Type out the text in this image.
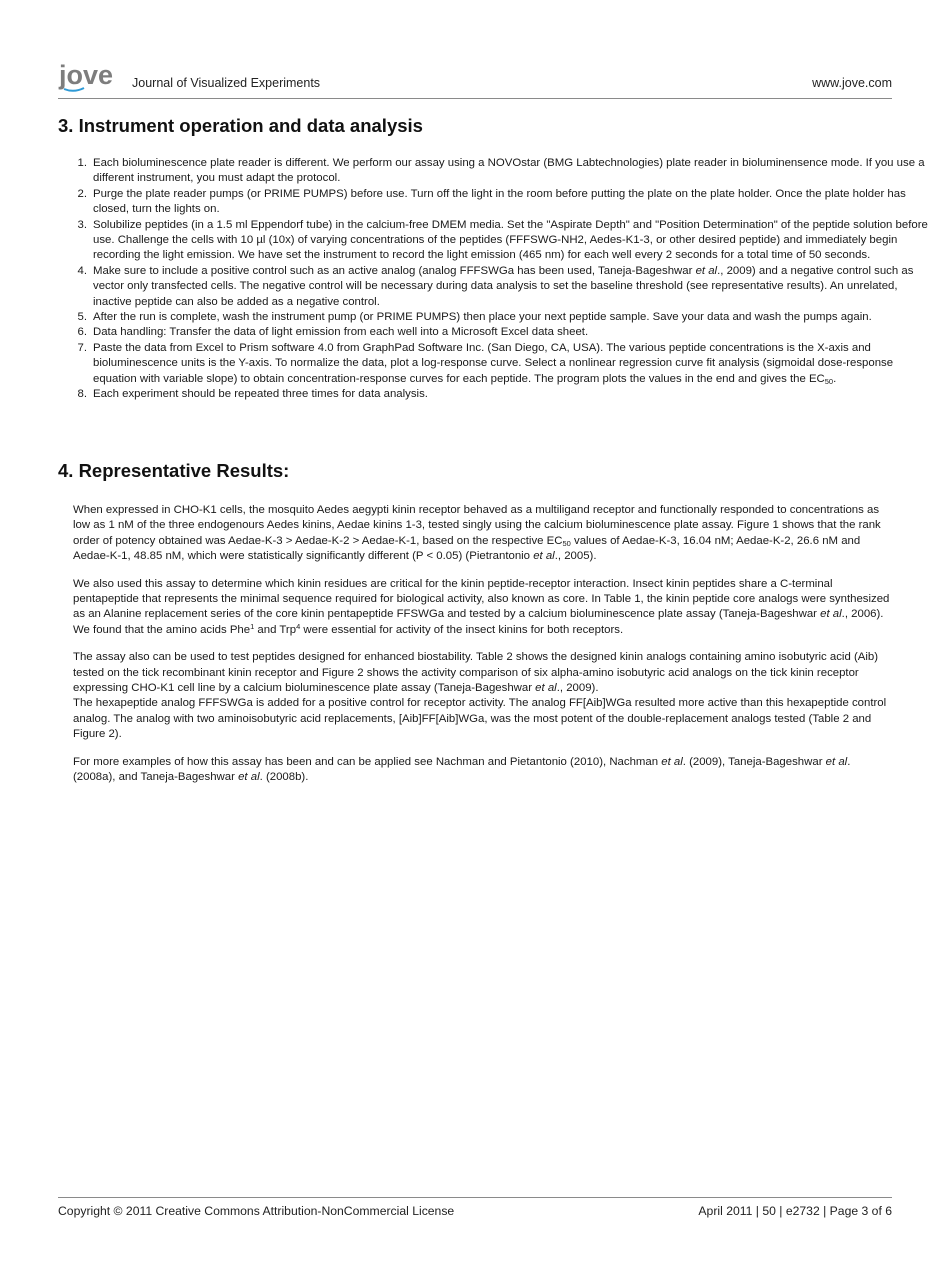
jove Journal of Visualized Experiments	www.jove.com
3. Instrument operation and data analysis
Each bioluminescence plate reader is different. We perform our assay using a NOVOstar (BMG Labtechnologies) plate reader in bioluminensence mode. If you use a different instrument, you must adapt the protocol.
Purge the plate reader pumps (or PRIME PUMPS) before use. Turn off the light in the room before putting the plate on the plate holder. Once the plate holder has closed, turn the lights on.
Solubilize peptides (in a 1.5 ml Eppendorf tube) in the calcium-free DMEM media. Set the "Aspirate Depth" and "Position Determination" of the peptide solution before use. Challenge the cells with 10 µl (10x) of varying concentrations of the peptides (FFFSWG-NH2, Aedes-K1-3, or other desired peptide) and immediately begin recording the light emission. We have set the instrument to record the light emission (465 nm) for each well every 2 seconds for a total time of 50 seconds.
Make sure to include a positive control such as an active analog (analog FFFSWGa has been used, Taneja-Bageshwar et al., 2009) and a negative control such as vector only transfected cells. The negative control will be necessary during data analysis to set the baseline threshold (see representative results). An unrelated, inactive peptide can also be added as a negative control.
After the run is complete, wash the instrument pump (or PRIME PUMPS) then place your next peptide sample. Save your data and wash the pumps again.
Data handling: Transfer the data of light emission from each well into a Microsoft Excel data sheet.
Paste the data from Excel to Prism software 4.0 from GraphPad Software Inc. (San Diego, CA, USA). The various peptide concentrations is the X-axis and bioluminescence units is the Y-axis. To normalize the data, plot a log-response curve. Select a nonlinear regression curve fit analysis (sigmoidal dose-response equation with variable slope) to obtain concentration-response curves for each peptide. The program plots the values in the end and gives the $EC_{50}$.
Each experiment should be repeated three times for data analysis.
4. Representative Results:

When expressed in CHO-K1 cells, the mosquito Aedes aegypti kinin receptor behaved as a multiligand receptor and functionally responded to concentrations as low as 1 nM of the three endogenours Aedes kinins, Aedae kinins 1-3, tested singly using the calcium bioluminescence plate assay. Figure 1 shows that the rank order of potency obtained was Aedae-K-3 > Aedae-K-2 > Aedae-K-1, based on the respective $EC_{50}$ values of Aedae-K-3, 16.04 nM; Aedae-K-2, 26.6 nM and Aedae-K-1, 48.85 nM, which were statistically significantly different (P < 0.05) (Pietrantonio et al., 2005).

We also used this assay to determine which kinin residues are critical for the kinin peptide-receptor interaction. Insect kinin peptides share a C-terminal pentapeptide that represents the minimal sequence required for biological activity, also known as core. In Table 1, the kinin peptide core analogs were synthesized as an Alanine replacement series of the core kinin pentapeptide FFSWGa and tested by a calcium bioluminescence plate assay (Taneja-Bageshwar et al., 2006). We found that the amino acids Phe$^1$ and Trp$^4$ were essential for activity of the insect kinins for both receptors.

The assay also can be used to test peptides designed for enhanced biostability. Table 2 shows the designed kinin analogs containing amino isobutyric acid (Aib) tested on the tick recombinant kinin receptor and Figure 2 shows the activity comparison of six alpha-amino isobutyric acid analogs on the tick kinin receptor expressing CHO-K1 cell line by a calcium bioluminescence plate assay (Taneja-Bageshwar et al., 2009).
The hexapeptide analog FFFSWGa is added for a positive control for receptor activity. The analog FF[Aib]WGa resulted more active than this hexapeptide control analog. The analog with two aminoisobutyric acid replacements, [Aib]FF[Aib]WGa, was the most potent of the double-replacement analogs tested (Table 2 and Figure 2).

For more examples of how this assay has been and can be applied see Nachman and Pietantonio (2010), Nachman et al. (2009), Taneja-Bageshwar et al. (2008a), and Taneja-Bageshwar et al. (2008b).

Copyright © 2011 Creative Commons Attribution-NonCommercial License	April 2011 | 50 | e2732 | Page 3 of 6
